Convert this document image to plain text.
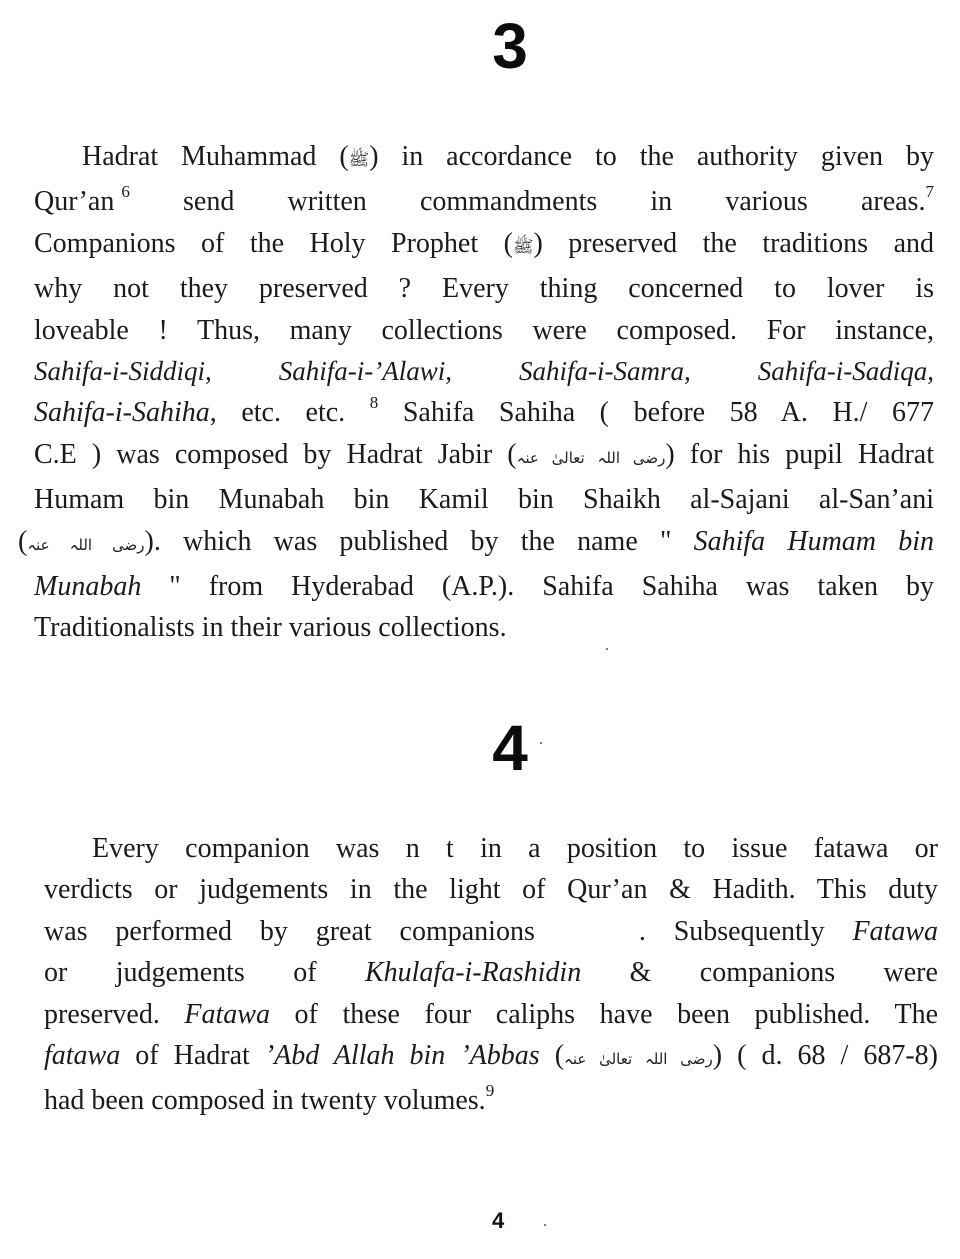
3
Hadrat Muhammad (ﷺ) in accordance to the authority given by
Qur’an $^6$ send written commandments in various areas.$^7$
Companions of the Holy Prophet (ﷺ) preserved the traditions and
why not they preserved ? Every thing concerned to lover is
loveable ! Thus, many collections were composed. For instance,
Sahifa-i-Siddiqi, Sahifa-i-’Alawi, Sahifa-i-Samra, Sahifa-i-Sadiqa,
Sahifa-i-Sahiha, etc. etc. $^8$ Sahifa Sahiha ( before 58 A. H./ 677
C.E ) was composed by Hadrat Jabir (رضی اللہ تعالیٰ عنہ) for his pupil Hadrat
Humam bin Munabah bin Kamil bin Shaikh al-Sajani al-San’ani
(رضی اللہ عنہ). which was published by the name " Sahifa Humam bin
Munabah " from Hyderabad (A.P.). Sahifa Sahiha was taken by
Traditionalists in their various collections.
4
Every companion was n t in a position to issue fatawa or
verdicts or judgements in the light of Qur’an & Hadith. This duty
was performed by great companions	. Subsequently Fatawa
or judgements of Khulafa-i-Rashidin & companions were
preserved. Fatawa of these four caliphs have been published. The
fatawa of Hadrat ’Abd Allah bin ’Abbas (رضی اللہ تعالیٰ عنہ) ( d. 68 / 687-8)
had been composed in twenty volumes.$^9$
4
